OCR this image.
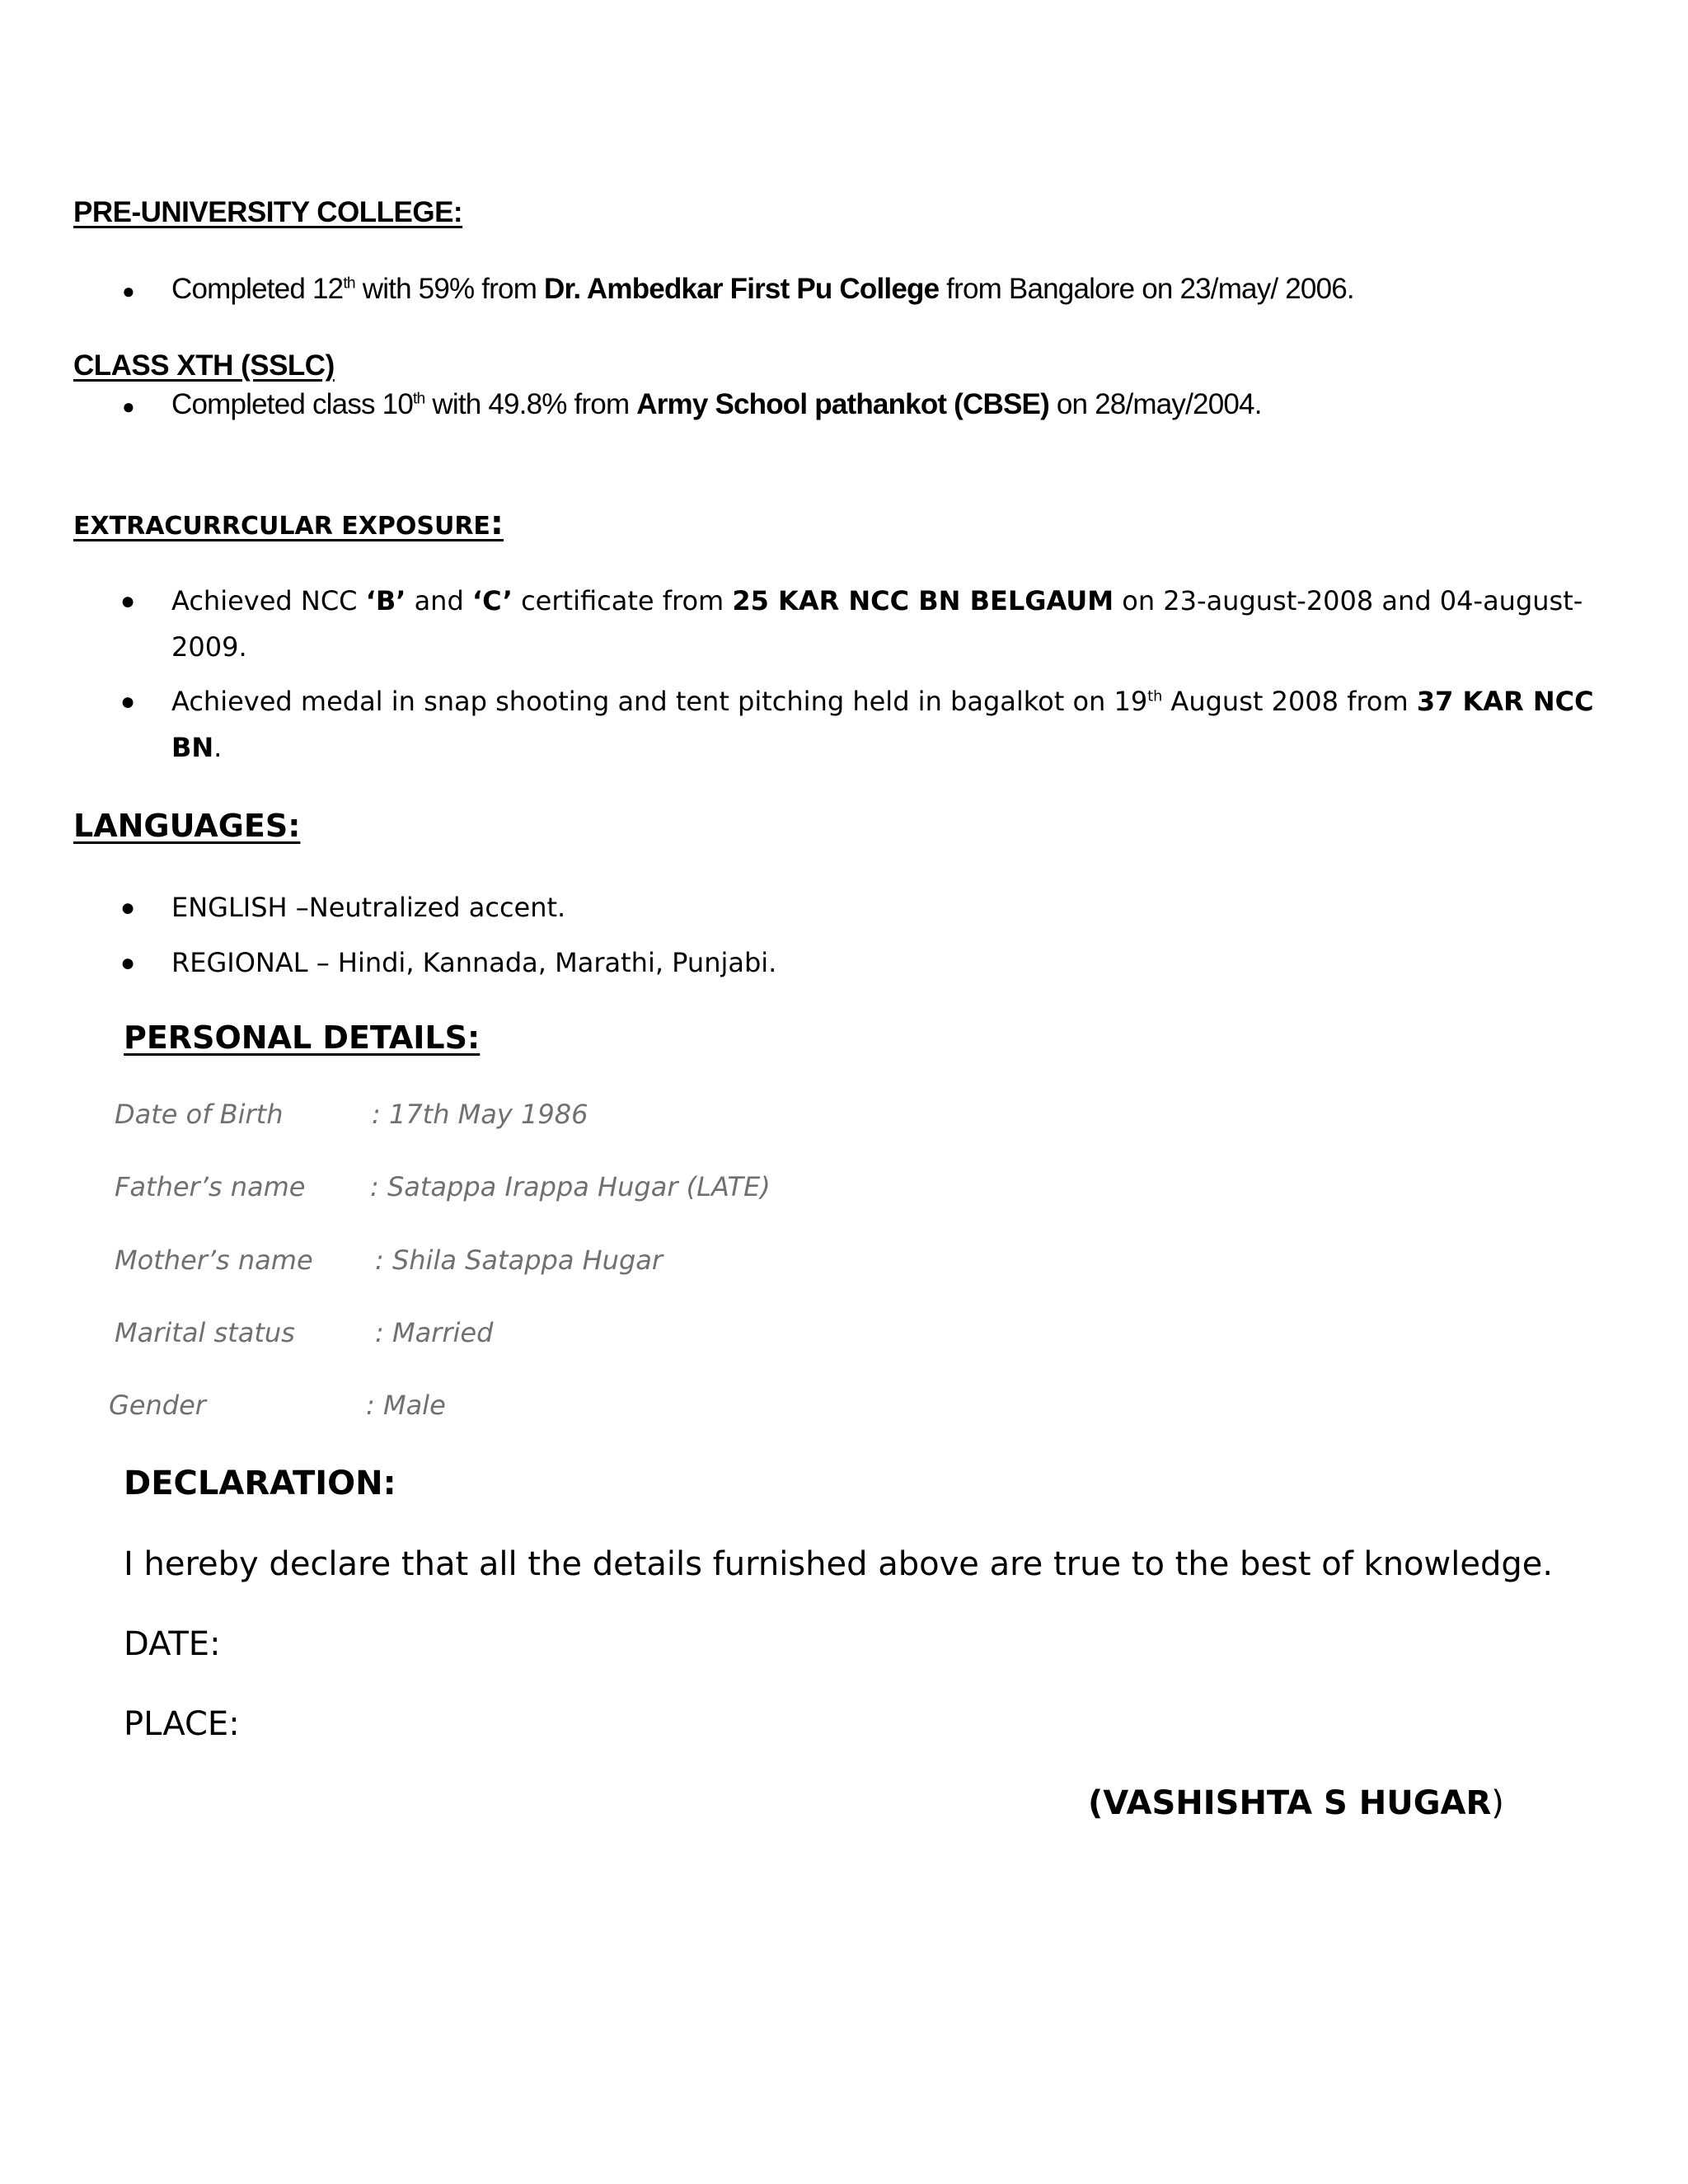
PRE-UNIVERSITY COLLEGE:
● Completed 12th with 59% from Dr. Ambedkar First Pu College from Bangalore on 23/may/ 2006.
CLASS XTH (SSLC)
● Completed class 10th with 49.8% from Army School pathankot (CBSE) on 28/may/2004.
EXTRACURRCULAR EXPOSURE:
● Achieved NCC ‘B’ and ‘C’ certificate from 25 KAR NCC BN BELGAUM on 23-august-2008 and 04-august-
2009.
● Achieved medal in snap shooting and tent pitching held in bagalkot on 19th August 2008 from 37 KAR NCC
BN.
LANGUAGES:
● ENGLISH –Neutralized accent.
● REGIONAL – Hindi, Kannada, Marathi, Punjabi.
PERSONAL DETAILS:
Date of Birth	: 17th May 1986
Father’s name : Satappa Irappa Hugar (LATE)
Mother’s name : Shila Satappa Hugar
Marital status	: Married
Gender	: Male
DECLARATION:
I hereby declare that all the details furnished above are true to the best of knowledge.
DATE:
PLACE:
(VASHISHTA S HUGAR)
